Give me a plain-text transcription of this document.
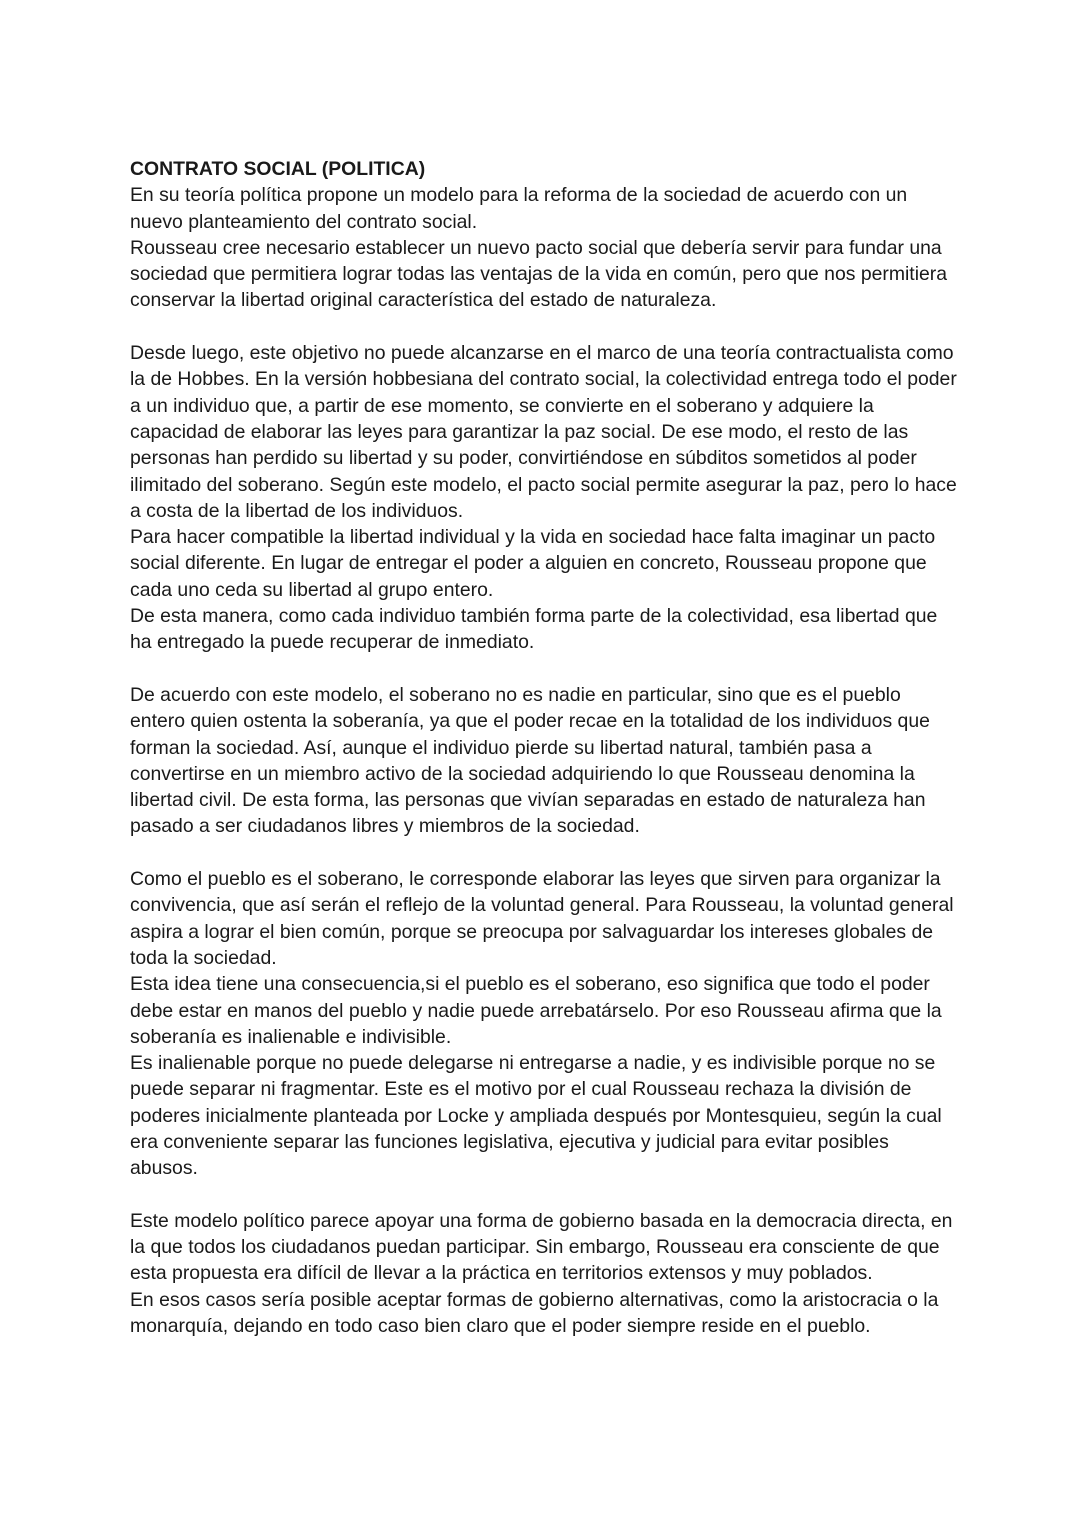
CONTRATO SOCIAL (POLITICA)

En su teoría política propone un modelo para la reforma de la sociedad de acuerdo con un nuevo planteamiento del contrato social.

Rousseau cree necesario establecer un nuevo pacto social que debería servir para fundar una sociedad que permitiera lograr todas las ventajas de la vida en común, pero que nos permitiera conservar la libertad original característica del estado de naturaleza.

Desde luego, este objetivo no puede alcanzarse en el marco de una teoría contractualista como la de Hobbes. En la versión hobbesiana del contrato social, la colectividad entrega todo el poder a un individuo que, a partir de ese momento, se convierte en el soberano y adquiere la capacidad de elaborar las leyes para garantizar la paz social. De ese modo, el resto de las personas han perdido su libertad y su poder, convirtiéndose en súbditos sometidos al poder ilimitado del soberano. Según este modelo, el pacto social permite asegurar la paz, pero lo hace a costa de la libertad de los individuos.

Para hacer compatible la libertad individual y la vida en sociedad hace falta imaginar un pacto social diferente. En lugar de entregar el poder a alguien en concreto, Rousseau propone que cada uno ceda su libertad al grupo entero.

De esta manera, como cada individuo también forma parte de la colectividad, esa libertad que ha entregado la puede recuperar de inmediato.

De acuerdo con este modelo, el soberano no es nadie en particular, sino que es el pueblo entero quien ostenta la soberanía, ya que el poder recae en la totalidad de los individuos que forman la sociedad. Así, aunque el individuo pierde su libertad natural, también pasa a convertirse en un miembro activo de la sociedad adquiriendo lo que Rousseau denomina la libertad civil. De esta forma, las personas que vivían separadas en estado de naturaleza han pasado a ser ciudadanos libres y miembros de la sociedad.

Como el pueblo es el soberano, le corresponde elaborar las leyes que sirven para organizar la convivencia, que así serán el reflejo de la voluntad general. Para Rousseau, la voluntad general aspira a lograr el bien común, porque se preocupa por salvaguardar los intereses globales de toda la sociedad.

Esta idea tiene una consecuencia,si el pueblo es el soberano, eso significa que todo el poder debe estar en manos del pueblo y nadie puede arrebatárselo. Por eso Rousseau afirma que la soberanía es inalienable e indivisible.

Es inalienable porque no puede delegarse ni entregarse a nadie, y es indivisible porque no se puede separar ni fragmentar. Este es el motivo por el cual Rousseau rechaza la división de poderes inicialmente planteada por Locke y ampliada después por Montesquieu, según la cual era conveniente separar las funciones legislativa, ejecutiva y judicial para evitar posibles abusos.

Este modelo político parece apoyar una forma de gobierno basada en la democracia directa, en la que todos los ciudadanos puedan participar. Sin embargo, Rousseau era consciente de que esta propuesta era difícil de llevar a la práctica en territorios extensos y muy poblados.

En esos casos sería posible aceptar formas de gobierno alternativas, como la aristocracia o la monarquía, dejando en todo caso bien claro que el poder siempre reside en el pueblo.
